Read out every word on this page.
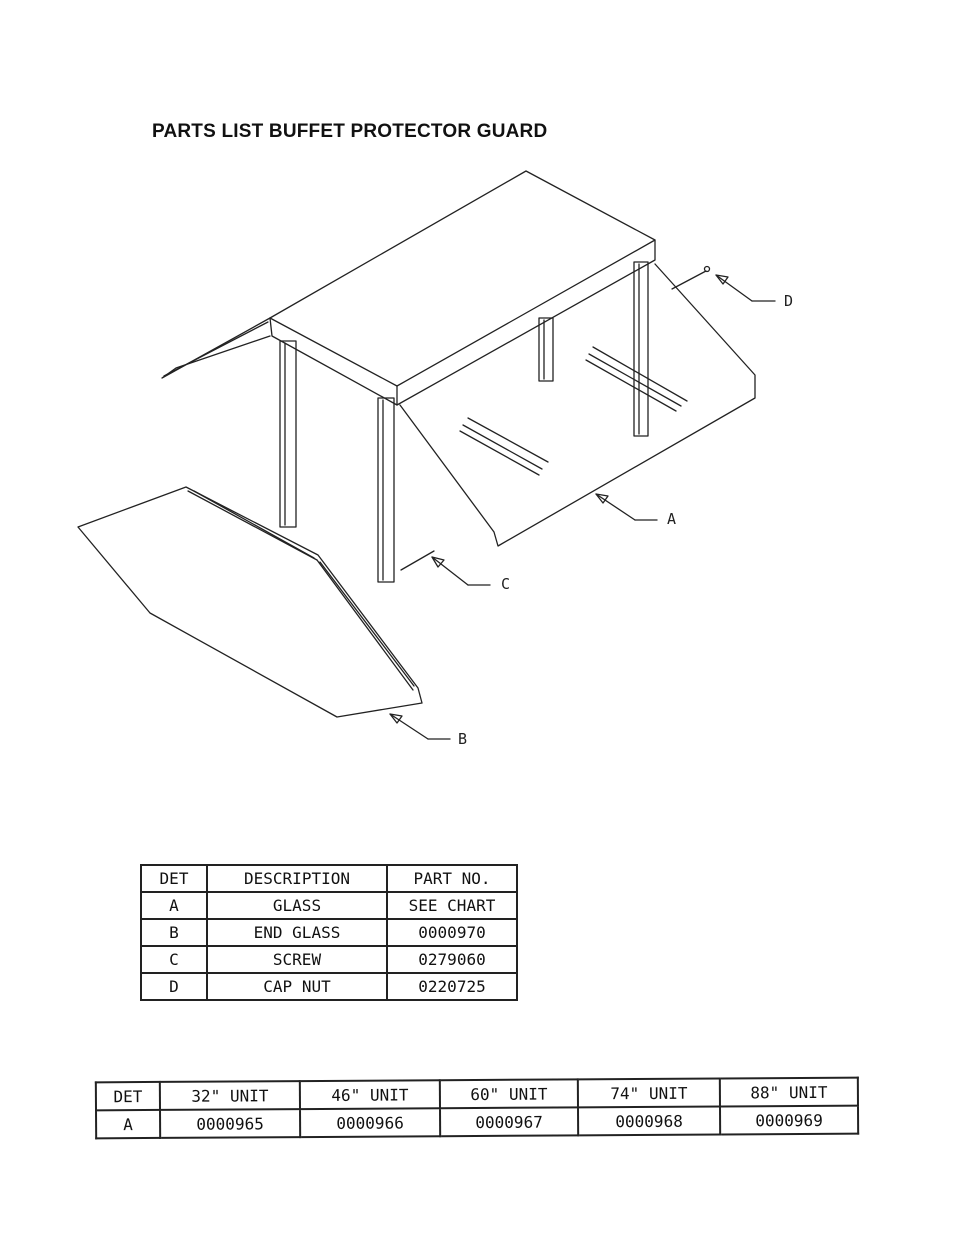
PARTS LIST BUFFET PROTECTOR GUARD
A
B
C
D
DET	DESCRIPTION	PART NO.
A	GLASS	SEE CHART
B	END GLASS	0000970
C	SCREW	0279060
D	CAP NUT	0220725
DET	32" UNIT	46" UNIT	60" UNIT	74" UNIT	88" UNIT
A	0000965	0000966	0000967	0000968	0000969
